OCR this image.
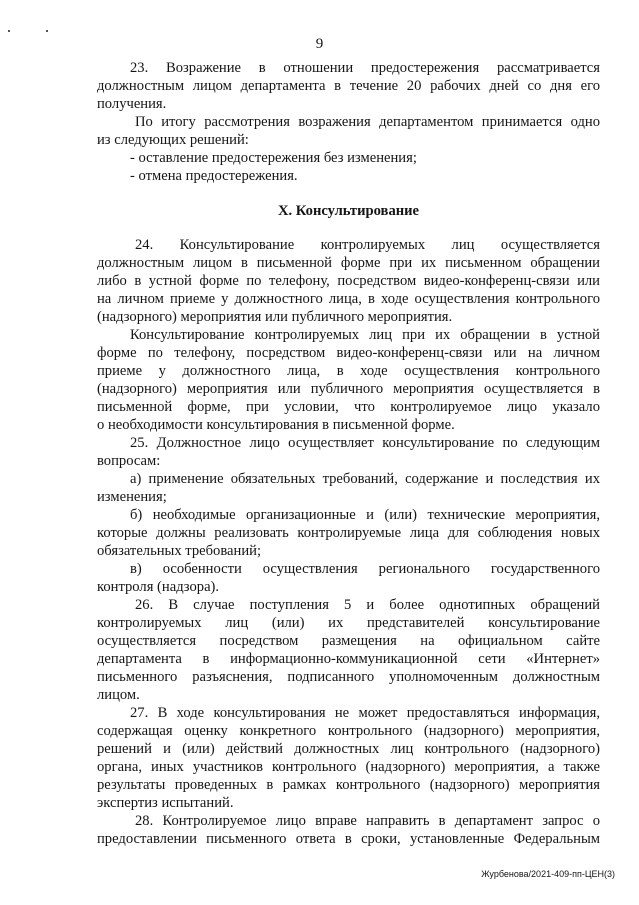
9
23. Возражение в отношении предостережения рассматривается
должностным лицом департамента в течение 20 рабочих дней со дня его
получения.
По итогу рассмотрения возражения департаментом принимается одно
из следующих решений:
- оставление предостережения без изменения;
- отмена предостережения.
X. Консультирование
24. Консультирование контролируемых лиц осуществляется
должностным лицом в письменной форме при их письменном обращении
либо в устной форме по телефону, посредством видео-конференц-связи или
на личном приеме у должностного лица, в ходе осуществления контрольного
(надзорного) мероприятия или публичного мероприятия.
Консультирование контролируемых лиц при их обращении в устной
форме по телефону, посредством видео-конференц-связи или на личном
приеме у должностного лица, в ходе осуществления контрольного
(надзорного) мероприятия или публичного мероприятия осуществляется в
письменной форме, при условии, что контролируемое лицо указало
о необходимости консультирования в письменной форме.
25. Должностное лицо осуществляет консультирование по следующим
вопросам:
а) применение обязательных требований, содержание и последствия их
изменения;
б) необходимые организационные и (или) технические мероприятия,
которые должны реализовать контролируемые лица для соблюдения новых
обязательных требований;
в) особенности осуществления регионального государственного
контроля (надзора).
26. В случае поступления 5 и более однотипных обращений
контролируемых лиц (или) их представителей консультирование
осуществляется посредством размещения на официальном сайте
департамента в информационно-коммуникационной сети «Интернет»
письменного разъяснения, подписанного уполномоченным должностным
лицом.
27. В ходе консультирования не может предоставляться информация,
содержащая оценку конкретного контрольного (надзорного) мероприятия,
решений и (или) действий должностных лиц контрольного (надзорного)
органа, иных участников контрольного (надзорного) мероприятия, а также
результаты проведенных в рамках контрольного (надзорного) мероприятия
экспертиз испытаний.
28. Контролируемое лицо вправе направить в департамент запрос о
предоставлении письменного ответа в сроки, установленные Федеральным
Журбенова/2021-409-пп-ЦЕН(3)
